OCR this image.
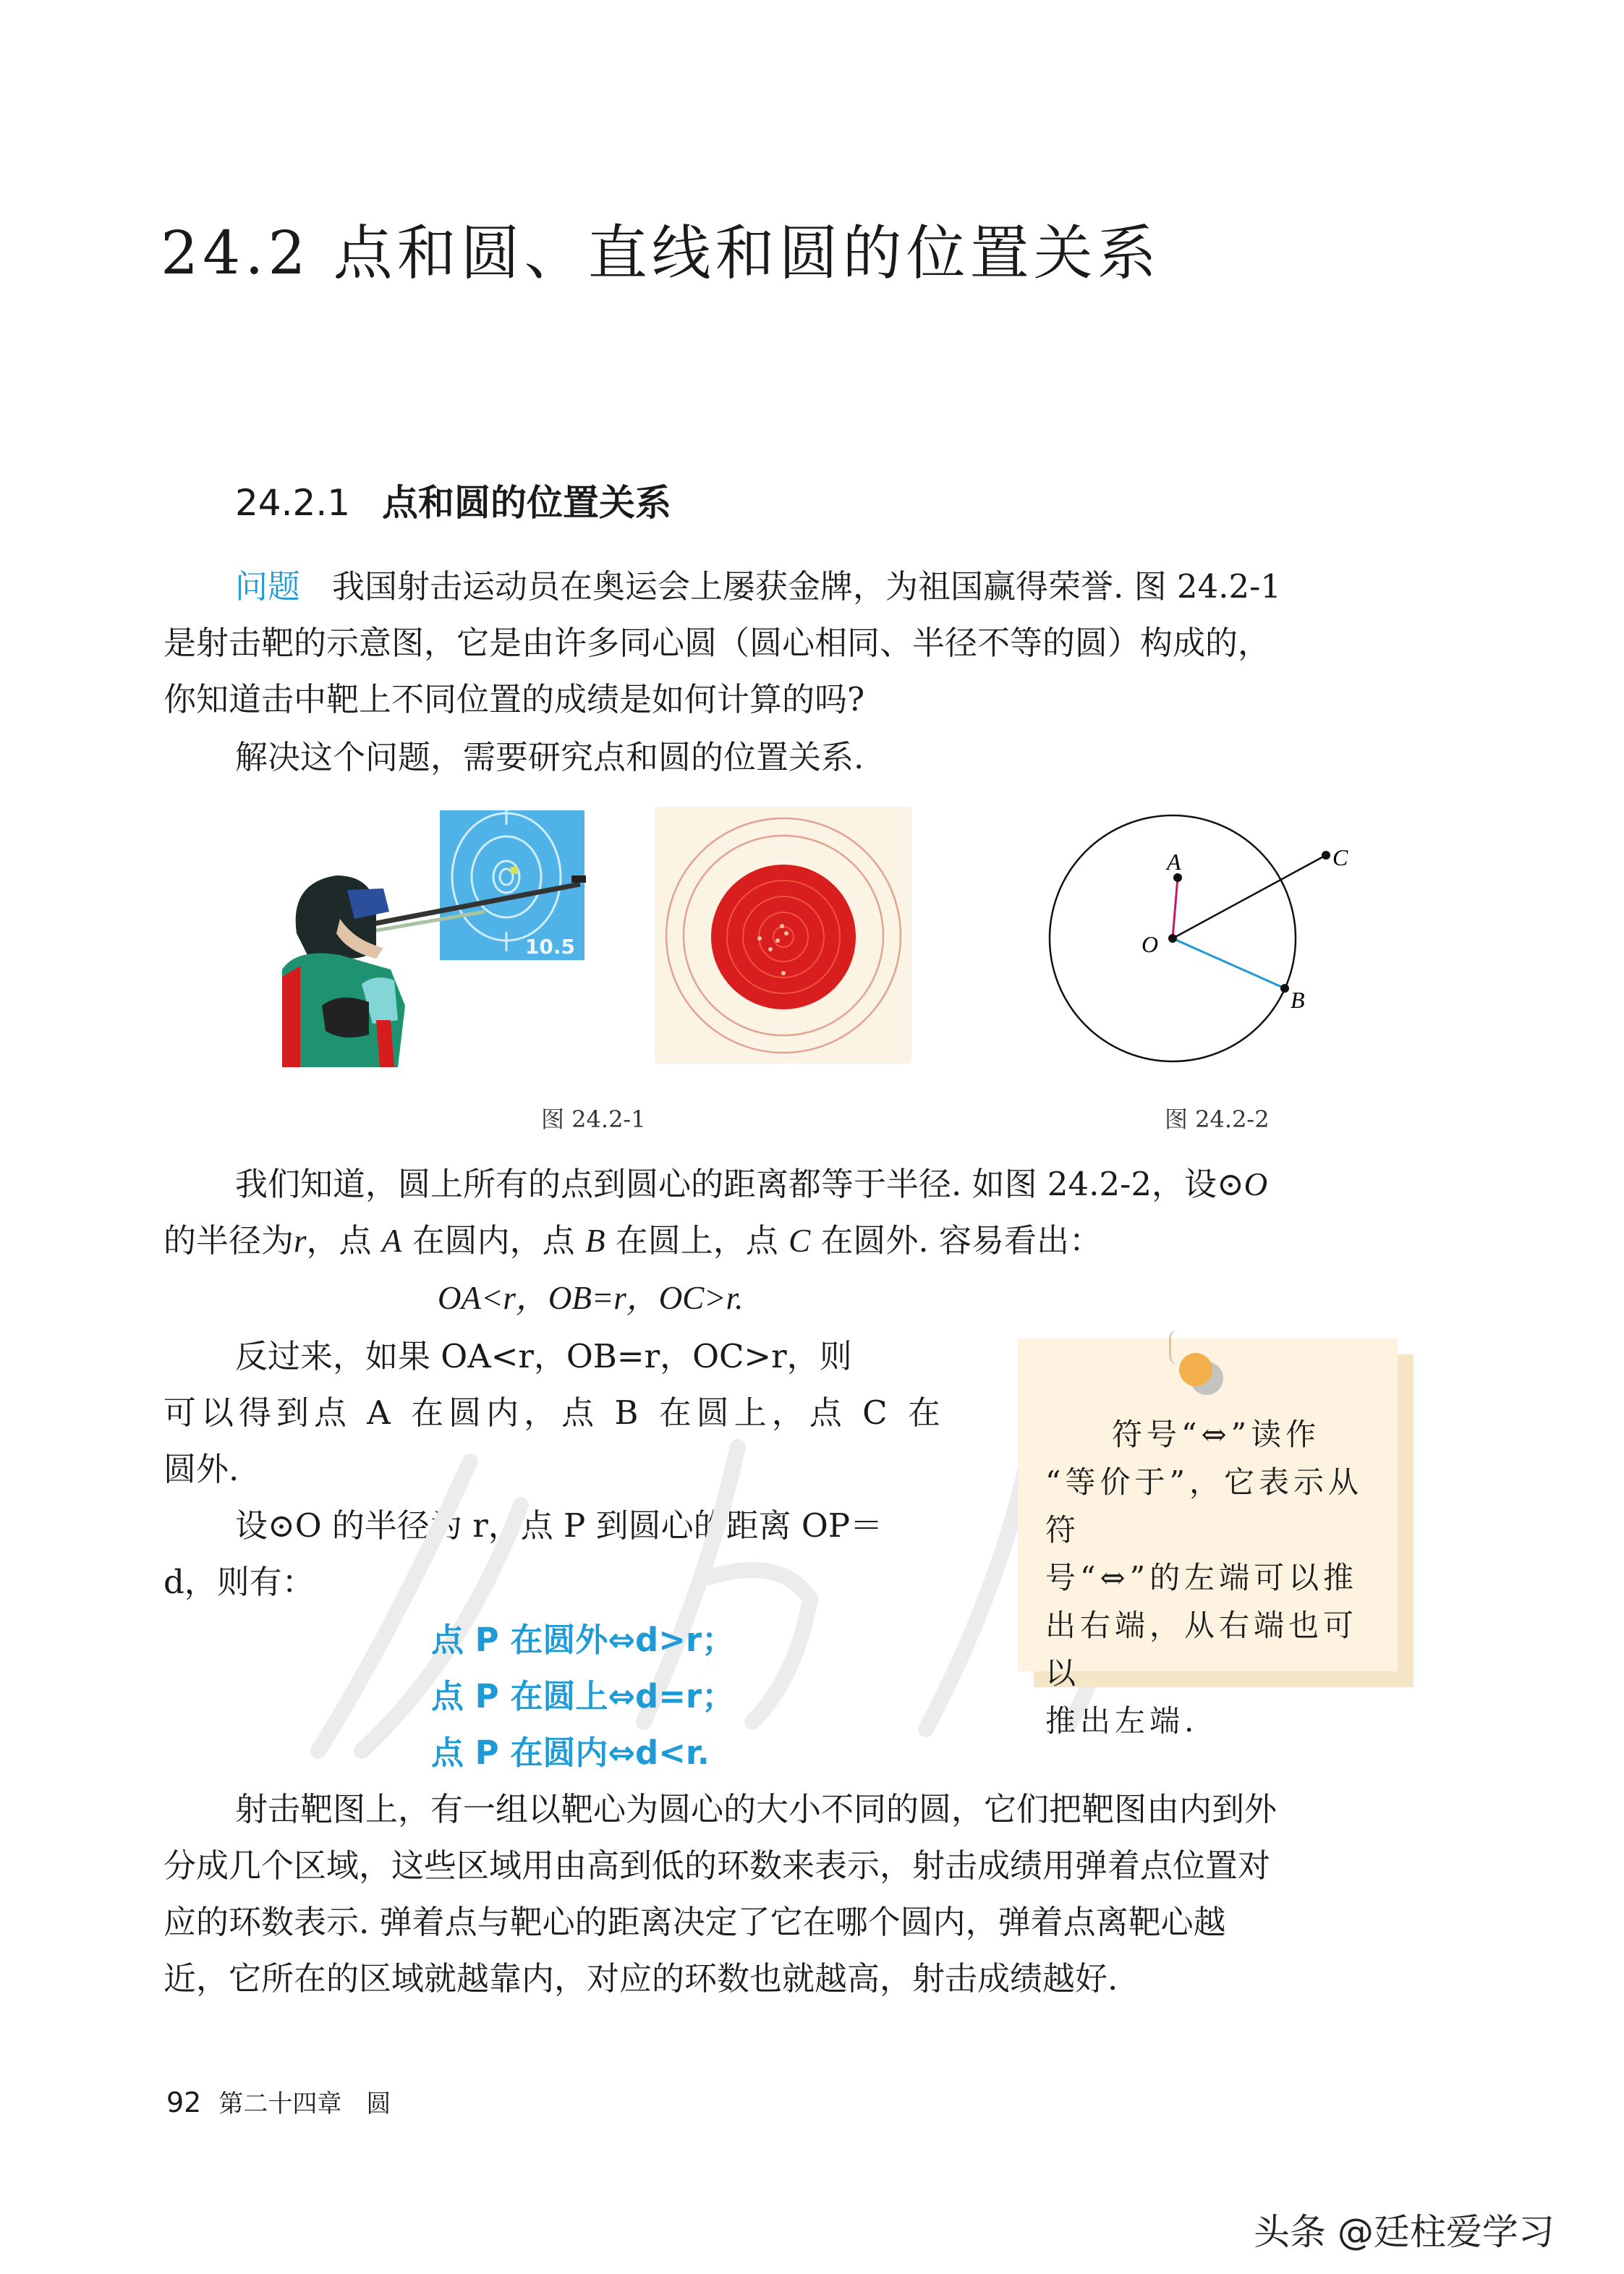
24.2 点和圆、直线和圆的位置关系
24.2.1 点和圆的位置关系
问题 我国射击运动员在奥运会上屡获金牌，为祖国赢得荣誉. 图 24.2-1
是射击靶的示意图，它是由许多同心圆（圆心相同、半径不等的圆）构成的，
你知道击中靶上不同位置的成绩是如何计算的吗?
解决这个问题，需要研究点和圆的位置关系.
10.5
图 24.2-1
O
A	C
B
图 24.2-2
我们知道，圆上所有的点到圆心的距离都等于半径. 如图 24.2-2，设⊙O
的半径为r，点 A 在圆内，点 B 在圆上，点 C 在圆外. 容易看出：
OA<r，OB=r，OC>r.
反过来，如果 OA<r，OB=r，OC>r，则
可以得到点 A 在圆内，点 B 在圆上，点 C 在
圆外.
设⊙O 的半径为 r，点 P 到圆心的距离 OP＝
d，则有：
点 P 在圆外⇔d>r；
点 P 在圆上⇔d=r；
点 P 在圆内⇔d<r.
符号“⇔”读作
“等价于”，它表示从符
号“⇔”的左端可以推
出右端，从右端也可以
推出左端.
射击靶图上，有一组以靶心为圆心的大小不同的圆，它们把靶图由内到外
分成几个区域，这些区域用由高到低的环数来表示，射击成绩用弹着点位置对
应的环数表示. 弹着点与靶心的距离决定了它在哪个圆内，弹着点离靶心越
近，它所在的区域就越靠内，对应的环数也就越高，射击成绩越好.
92 第二十四章　圆
头条 @廷柱爱学习
